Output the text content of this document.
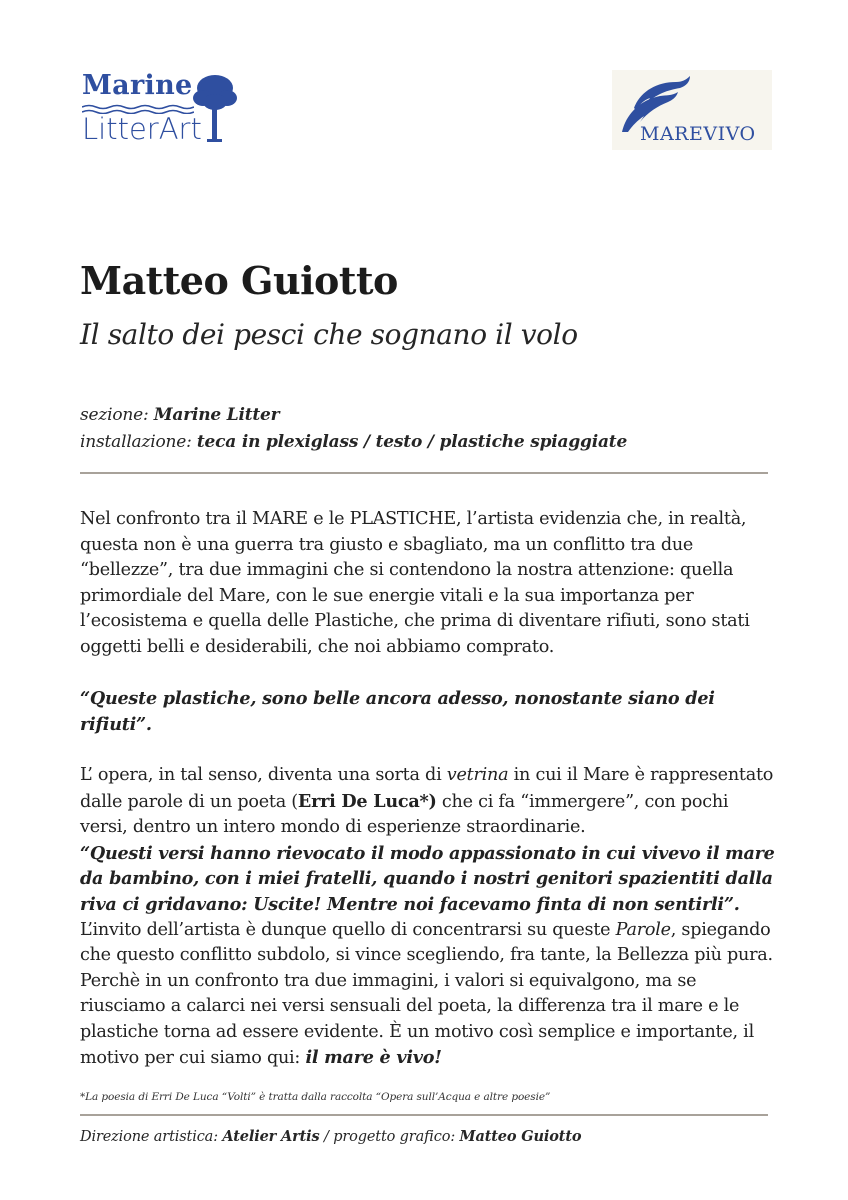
Marine
LitterArt	MAREVIVO
Matteo Guiotto
Il salto dei pesci che sognano il volo
sezione: Marine Litter
installazione: teca in plexiglass / testo / plastiche spiaggiate

Nel confronto tra il MARE e le PLASTICHE, l’artista evidenzia che, in realtà, questa non è una guerra tra giusto e sbagliato, ma un conflitto tra due “bellezze”, tra due immagini che si contendono la nostra attenzione: quella primordiale del Mare, con le sue energie vitali e la sua importanza per l’ecosistema e quella delle Plastiche, che prima di diventare rifiuti, sono stati oggetti belli e desiderabili, che noi abbiamo comprato.

“Queste plastiche, sono belle ancora adesso, nonostante siano dei rifiuti”.

L’ opera, in tal senso, diventa una sorta di vetrina in cui il Mare è rappresentato dalle parole di un poeta (Erri De Luca*) che ci fa “immergere”, con pochi versi, dentro un intero mondo di esperienze straordinarie.

“Questi versi hanno rievocato il modo appassionato in cui vivevo il mare da bambino, con i miei fratelli, quando i nostri genitori spazientiti dalla riva ci gridavano: Uscite! Mentre noi facevamo finta di non sentirli”.

L’invito dell’artista è dunque quello di concentrarsi su queste Parole, spiegando che questo conflitto subdolo, si vince scegliendo, fra tante, la Bellezza più pura.

Perchè in un confronto tra due immagini, i valori si equivalgono, ma se riusciamo a calarci nei versi sensuali del poeta, la differenza tra il mare e le plastiche torna ad essere evidente. È un motivo così semplice e importante, il motivo per cui siamo qui: il mare è vivo!

*La poesia di Erri De Luca “Volti” è tratta dalla raccolta “Opera sull’Acqua e altre poesie”
Direzione artistica: Atelier Artis / progetto grafico: Matteo Guiotto
